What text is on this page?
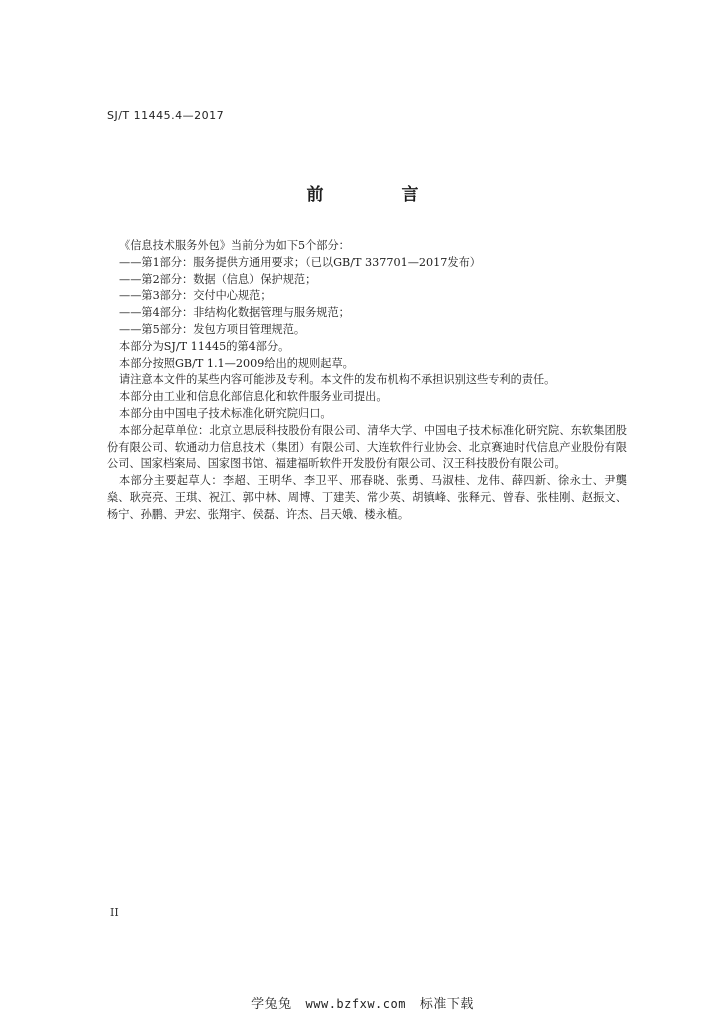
SJ/T 11445.4—2017
前 言

《信息技术服务外包》当前分为如下5个部分：

——第1部分：服务提供方通用要求；（已以GB/T 337701—2017发布）

——第2部分：数据（信息）保护规范；

——第3部分：交付中心规范；

——第4部分：非结构化数据管理与服务规范；

——第5部分：发包方项目管理规范。

本部分为SJ/T 11445的第4部分。

本部分按照GB/T 1.1—2009给出的规则起草。

请注意本文件的某些内容可能涉及专利。本文件的发布机构不承担识别这些专利的责任。

本部分由工业和信息化部信息化和软件服务业司提出。

本部分由中国电子技术标准化研究院归口。

本部分起草单位：北京立思辰科技股份有限公司、清华大学、中国电子技术标准化研究院、东软集团股份有限公司、软通动力信息技术（集团）有限公司、大连软件行业协会、北京赛迪时代信息产业股份有限公司、国家档案局、国家图书馆、福建福昕软件开发股份有限公司、汉王科技股份有限公司。

本部分主要起草人：李超、王明华、李卫平、邢春晓、张勇、马淑桂、龙伟、薛四新、徐永士、尹龑燊、耿亮亮、王琪、祝江、郭中林、周博、丁建芙、常少英、胡镇峰、张释元、曾春、张桂刚、赵振文、杨宁、孙鹏、尹宏、张翔宇、侯磊、许杰、吕天娥、楼永植。

II
学兔兔 www.bzfxw.com 标准下载
